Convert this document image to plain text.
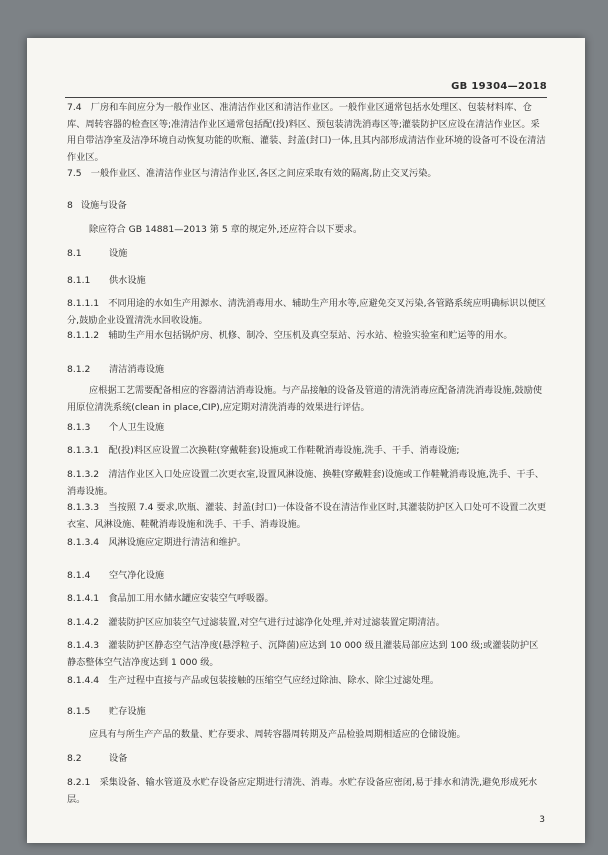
GB 19304—2018
7.4　厂房和车间应分为一般作业区、准清洁作业区和清洁作业区。一般作业区通常包括水处理区、包装材料库、仓库、周转容器的检查区等;准清洁作业区通常包括配(投)料区、预包装清洗消毒区等;灌装防护区应设在清洁作业区。采用自带洁净室及洁净环境自动恢复功能的吹瓶、灌装、封盖(封口)一体,且其内部形成清洁作业环境的设备可不设在清洁作业区。
7.5　一般作业区、准清洁作业区与清洁作业区,各区之间应采取有效的隔离,防止交叉污染。
8 设施与设备
除应符合 GB 14881—2013 第 5 章的规定外,还应符合以下要求。
8.1	设施
8.1.1 供水设施
8.1.1.1　不同用途的水如生产用源水、清洗消毒用水、辅助生产用水等,应避免交叉污染,各管路系统应明确标识以便区分,鼓励企业设置清洗水回收设施。
8.1.1.2　辅助生产用水包括锅炉房、机修、制冷、空压机及真空泵站、污水站、检验实验室和贮运等的用水。
8.1.2 清洁消毒设施
应根据工艺需要配备相应的容器清洁消毒设施。与产品接触的设备及管道的清洗消毒应配备清洗消毒设施,鼓励使用原位清洗系统(clean in place,CIP),应定期对清洗消毒的效果进行评估。
8.1.3 个人卫生设施
8.1.3.1　配(投)料区应设置二次换鞋(穿戴鞋套)设施或工作鞋靴消毒设施,洗手、干手、消毒设施;
8.1.3.2　清洁作业区入口处应设置二次更衣室,设置风淋设施、换鞋(穿戴鞋套)设施或工作鞋靴消毒设施,洗手、干手、消毒设施。
8.1.3.3　当按照 7.4 要求,吹瓶、灌装、封盖(封口)一体设备不设在清洁作业区时,其灌装防护区入口处可不设置二次更衣室、风淋设施、鞋靴消毒设施和洗手、干手、消毒设施。
8.1.3.4　风淋设施应定期进行清洁和维护。
8.1.4 空气净化设施
8.1.4.1　食品加工用水储水罐应安装空气呼吸器。
8.1.4.2　灌装防护区应加装空气过滤装置,对空气进行过滤净化处理,并对过滤装置定期清洁。
8.1.4.3　灌装防护区静态空气洁净度(悬浮粒子、沉降菌)应达到 10 000 级且灌装局部应达到 100 级;或灌装防护区静态整体空气洁净度达到 1 000 级。
8.1.4.4　生产过程中直接与产品或包装接触的压缩空气应经过除油、除水、除尘过滤处理。
8.1.5 贮存设施
应具有与所生产产品的数量、贮存要求、周转容器周转期及产品检验周期相适应的仓储设施。
8.2	设备
8.2.1　采集设备、输水管道及水贮存设备应定期进行清洗、消毒。水贮存设备应密闭,易于排水和清洗,避免形成死水层。
3
